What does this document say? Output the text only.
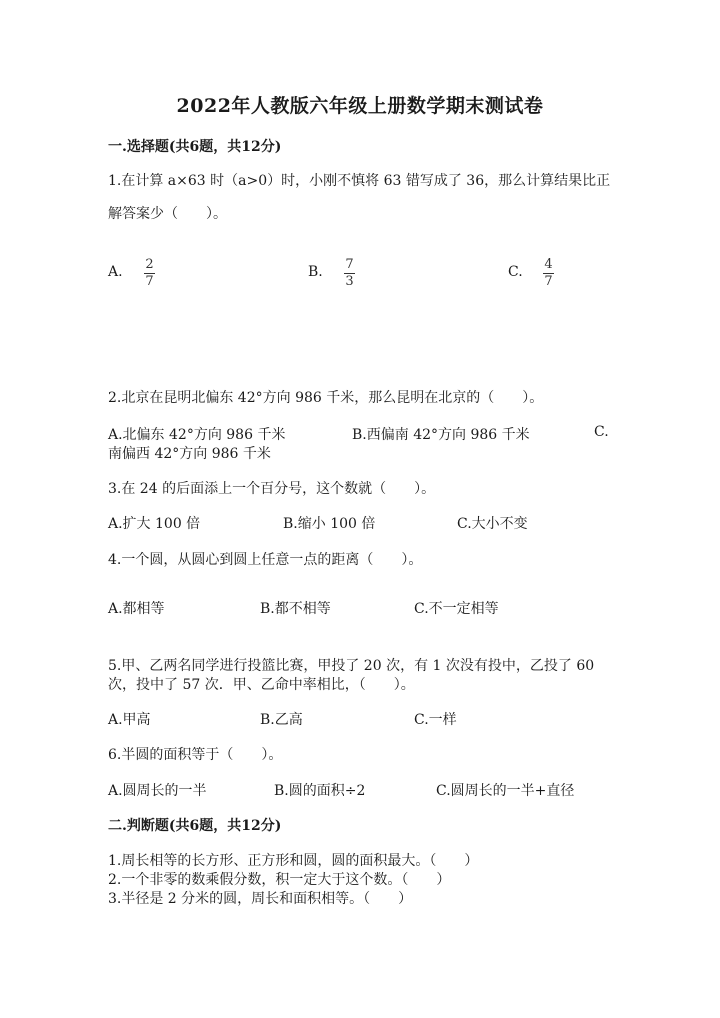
2022年人教版六年级上册数学期末测试卷
一.选择题(共6题，共12分)
1.在计算 a×63 时（a>0）时，小刚不慎将 63 错写成了 36，那么计算结果比正
解答案少（　　）。
A. 2
7
B. 7
3
C. 4
7
2.北京在昆明北偏东 42°方向 986 千米，那么昆明在北京的（　　）。
A.北偏东 42°方向 986 千米	B.西偏南 42°方向 986 千米	C.
南偏西 42°方向 986 千米
3.在 24 的后面添上一个百分号，这个数就（　　）。
A.扩大 100 倍	B.缩小 100 倍	C.大小不变
4.一个圆，从圆心到圆上任意一点的距离（　　）。
A.都相等	B.都不相等	C.不一定相等
5.甲、乙两名同学进行投篮比赛，甲投了 20 次，有 1 次没有投中，乙投了 60
次，投中了 57 次．甲、乙命中率相比，（　　）。
A.甲高	B.乙高	C.一样
6.半圆的面积等于（　　）。
A.圆周长的一半	B.圆的面积÷2	C.圆周长的一半+直径
二.判断题(共6题，共12分)
1.周长相等的长方形、正方形和圆，圆的面积最大。（　　）
2.一个非零的数乘假分数，积一定大于这个数。（　　）
3.半径是 2 分米的圆，周长和面积相等。（　　）
